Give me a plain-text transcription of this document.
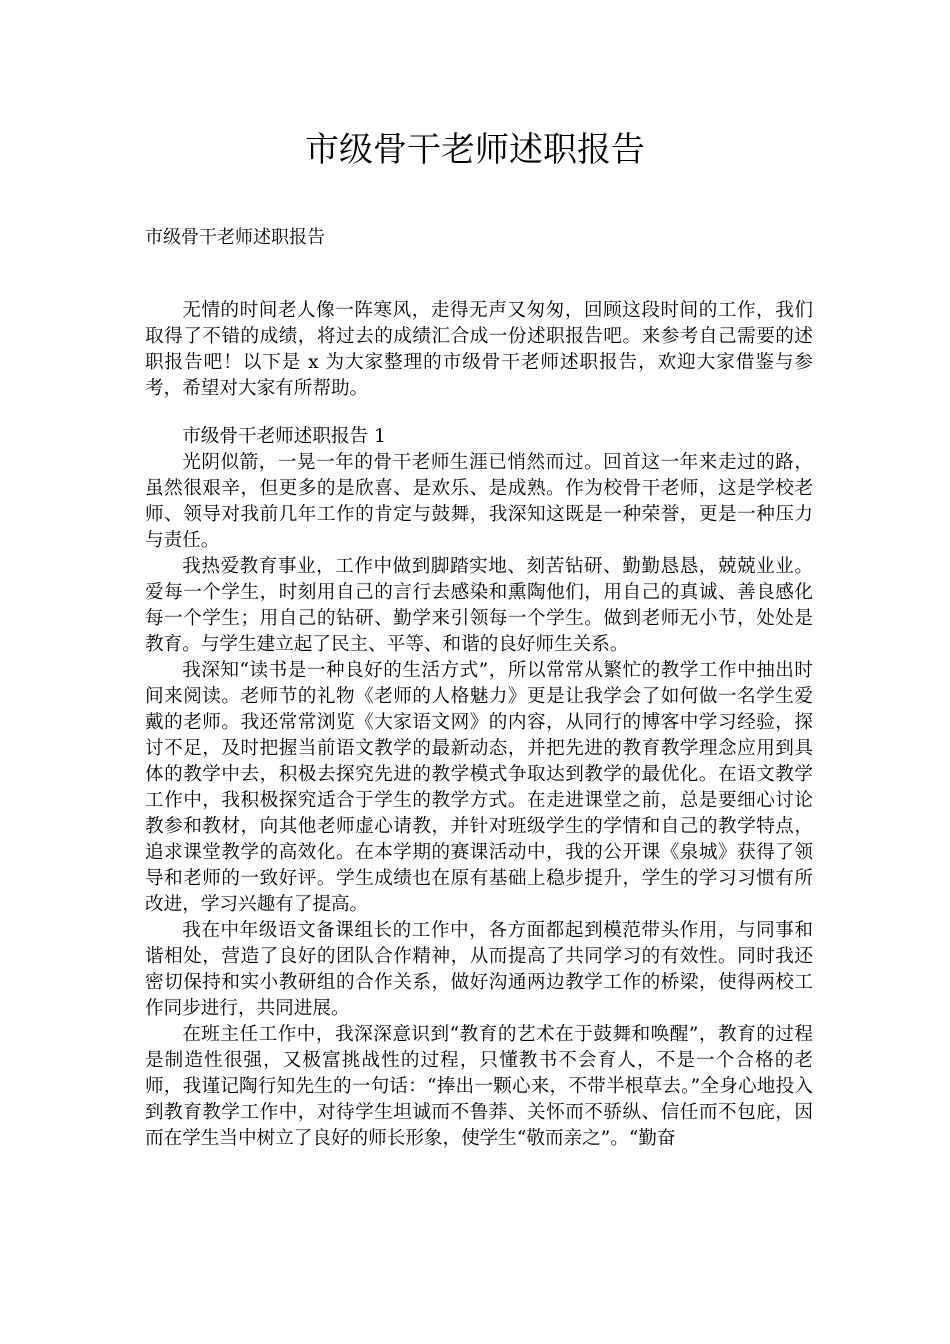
市级骨干老师述职报告
市级骨干老师述职报告

无情的时间老人像一阵寒风，走得无声又匆匆，回顾这段时间的工作，我们取得了不错的成绩，将过去的成绩汇合成一份述职报告吧。来参考自己需要的述职报告吧！以下是 x 为大家整理的市级骨干老师述职报告，欢迎大家借鉴与参考，希望对大家有所帮助。

市级骨干老师述职报告 1

光阴似箭，一晃一年的骨干老师生涯已悄然而过。回首这一年来走过的路，虽然很艰辛，但更多的是欣喜、是欢乐、是成熟。作为校骨干老师，这是学校老师、领导对我前几年工作的肯定与鼓舞，我深知这既是一种荣誉，更是一种压力与责任。

我热爱教育事业，工作中做到脚踏实地、刻苦钻研、勤勤恳恳，兢兢业业。爱每一个学生，时刻用自己的言行去感染和熏陶他们，用自己的真诚、善良感化每一个学生；用自己的钻研、勤学来引领每一个学生。做到老师无小节，处处是教育。与学生建立起了民主、平等、和谐的良好师生关系。

我深知“读书是一种良好的生活方式”，所以常常从繁忙的教学工作中抽出时间来阅读。老师节的礼物《老师的人格魅力》更是让我学会了如何做一名学生爱戴的老师。我还常常浏览《大家语文网》的内容，从同行的博客中学习经验，探讨不足，及时把握当前语文教学的最新动态，并把先进的教育教学理念应用到具体的教学中去，积极去探究先进的教学模式争取达到教学的最优化。在语文教学工作中，我积极探究适合于学生的教学方式。在走进课堂之前，总是要细心讨论教参和教材，向其他老师虚心请教，并针对班级学生的学情和自己的教学特点，追求课堂教学的高效化。在本学期的赛课活动中，我的公开课《泉城》获得了领导和老师的一致好评。学生成绩也在原有基础上稳步提升，学生的学习习惯有所改进，学习兴趣有了提高。

我在中年级语文备课组长的工作中，各方面都起到模范带头作用，与同事和谐相处，营造了良好的团队合作精神，从而提高了共同学习的有效性。同时我还密切保持和实小教研组的合作关系，做好沟通两边教学工作的桥梁，使得两校工作同步进行，共同进展。

在班主任工作中，我深深意识到“教育的艺术在于鼓舞和唤醒”，教育的过程是制造性很强，又极富挑战性的过程，只懂教书不会育人，不是一个合格的老师，我谨记陶行知先生的一句话：“捧出一颗心来，不带半根草去。”全身心地投入到教育教学工作中，对待学生坦诚而不鲁莽、关怀而不骄纵、信任而不包庇，因而在学生当中树立了良好的师长形象，使学生“敬而亲之”。“勤奋
